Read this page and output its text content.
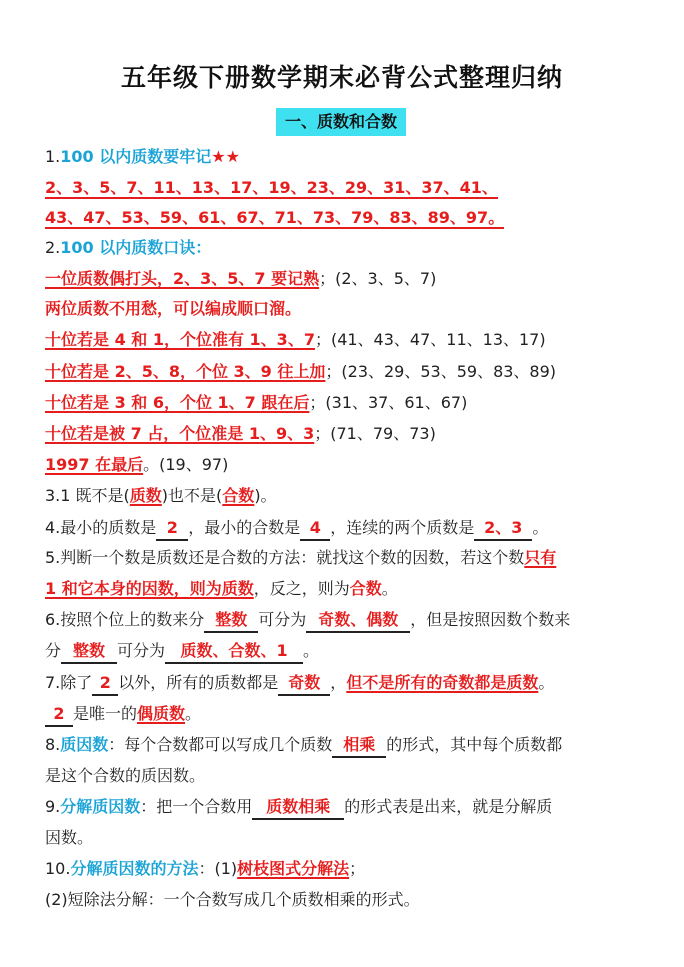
五年级下册数学期末必背公式整理归纳
一、质数和合数
1.100 以内质数要牢记★★
2、3、5、7、11、13、17、19、23、29、31、37、41、
43、47、53、59、61、67、71、73、79、83、89、97。
2.100 以内质数口诀：
一位质数偶打头，2、3、5、7 要记熟；(2、3、5、7)
两位质数不用愁，可以编成顺口溜。
十位若是 4 和 1，个位准有 1、3、7；(41、43、47、11、13、17)
十位若是 2、5、8，个位 3、9 往上加；(23、29、53、59、83、89)
十位若是 3 和 6，个位 1、7 跟在后；(31、37、61、67)
十位若是被 7 占，个位准是 1、9、3；(71、79、73)
1997 在最后。(19、97)
3.1 既不是(质数)也不是(合数)。
4.最小的质数是 2 ，最小的合数是 4 ，连续的两个质数是 2、3 。
5.判断一个数是质数还是合数的方法：就找这个数的因数，若这个数只有
1 和它本身的因数，则为质数，反之，则为合数。
6.按照个位上的数来分 整数 可分为 奇数、偶数 ，但是按照因数个数来
分 整数 可分为 质数、合数、1 。
7.除了 2 以外，所有的质数都是 奇数 ，但不是所有的奇数都是质数。
2 是唯一的偶质数。
8.质因数：每个合数都可以写成几个质数 相乘 的形式，其中每个质数都
是这个合数的质因数。
9.分解质因数：把一个合数用 质数相乘 的形式表是出来，就是分解质
因数。
10.分解质因数的方法：(1)树枝图式分解法；
(2)短除法分解：一个合数写成几个质数相乘的形式。
